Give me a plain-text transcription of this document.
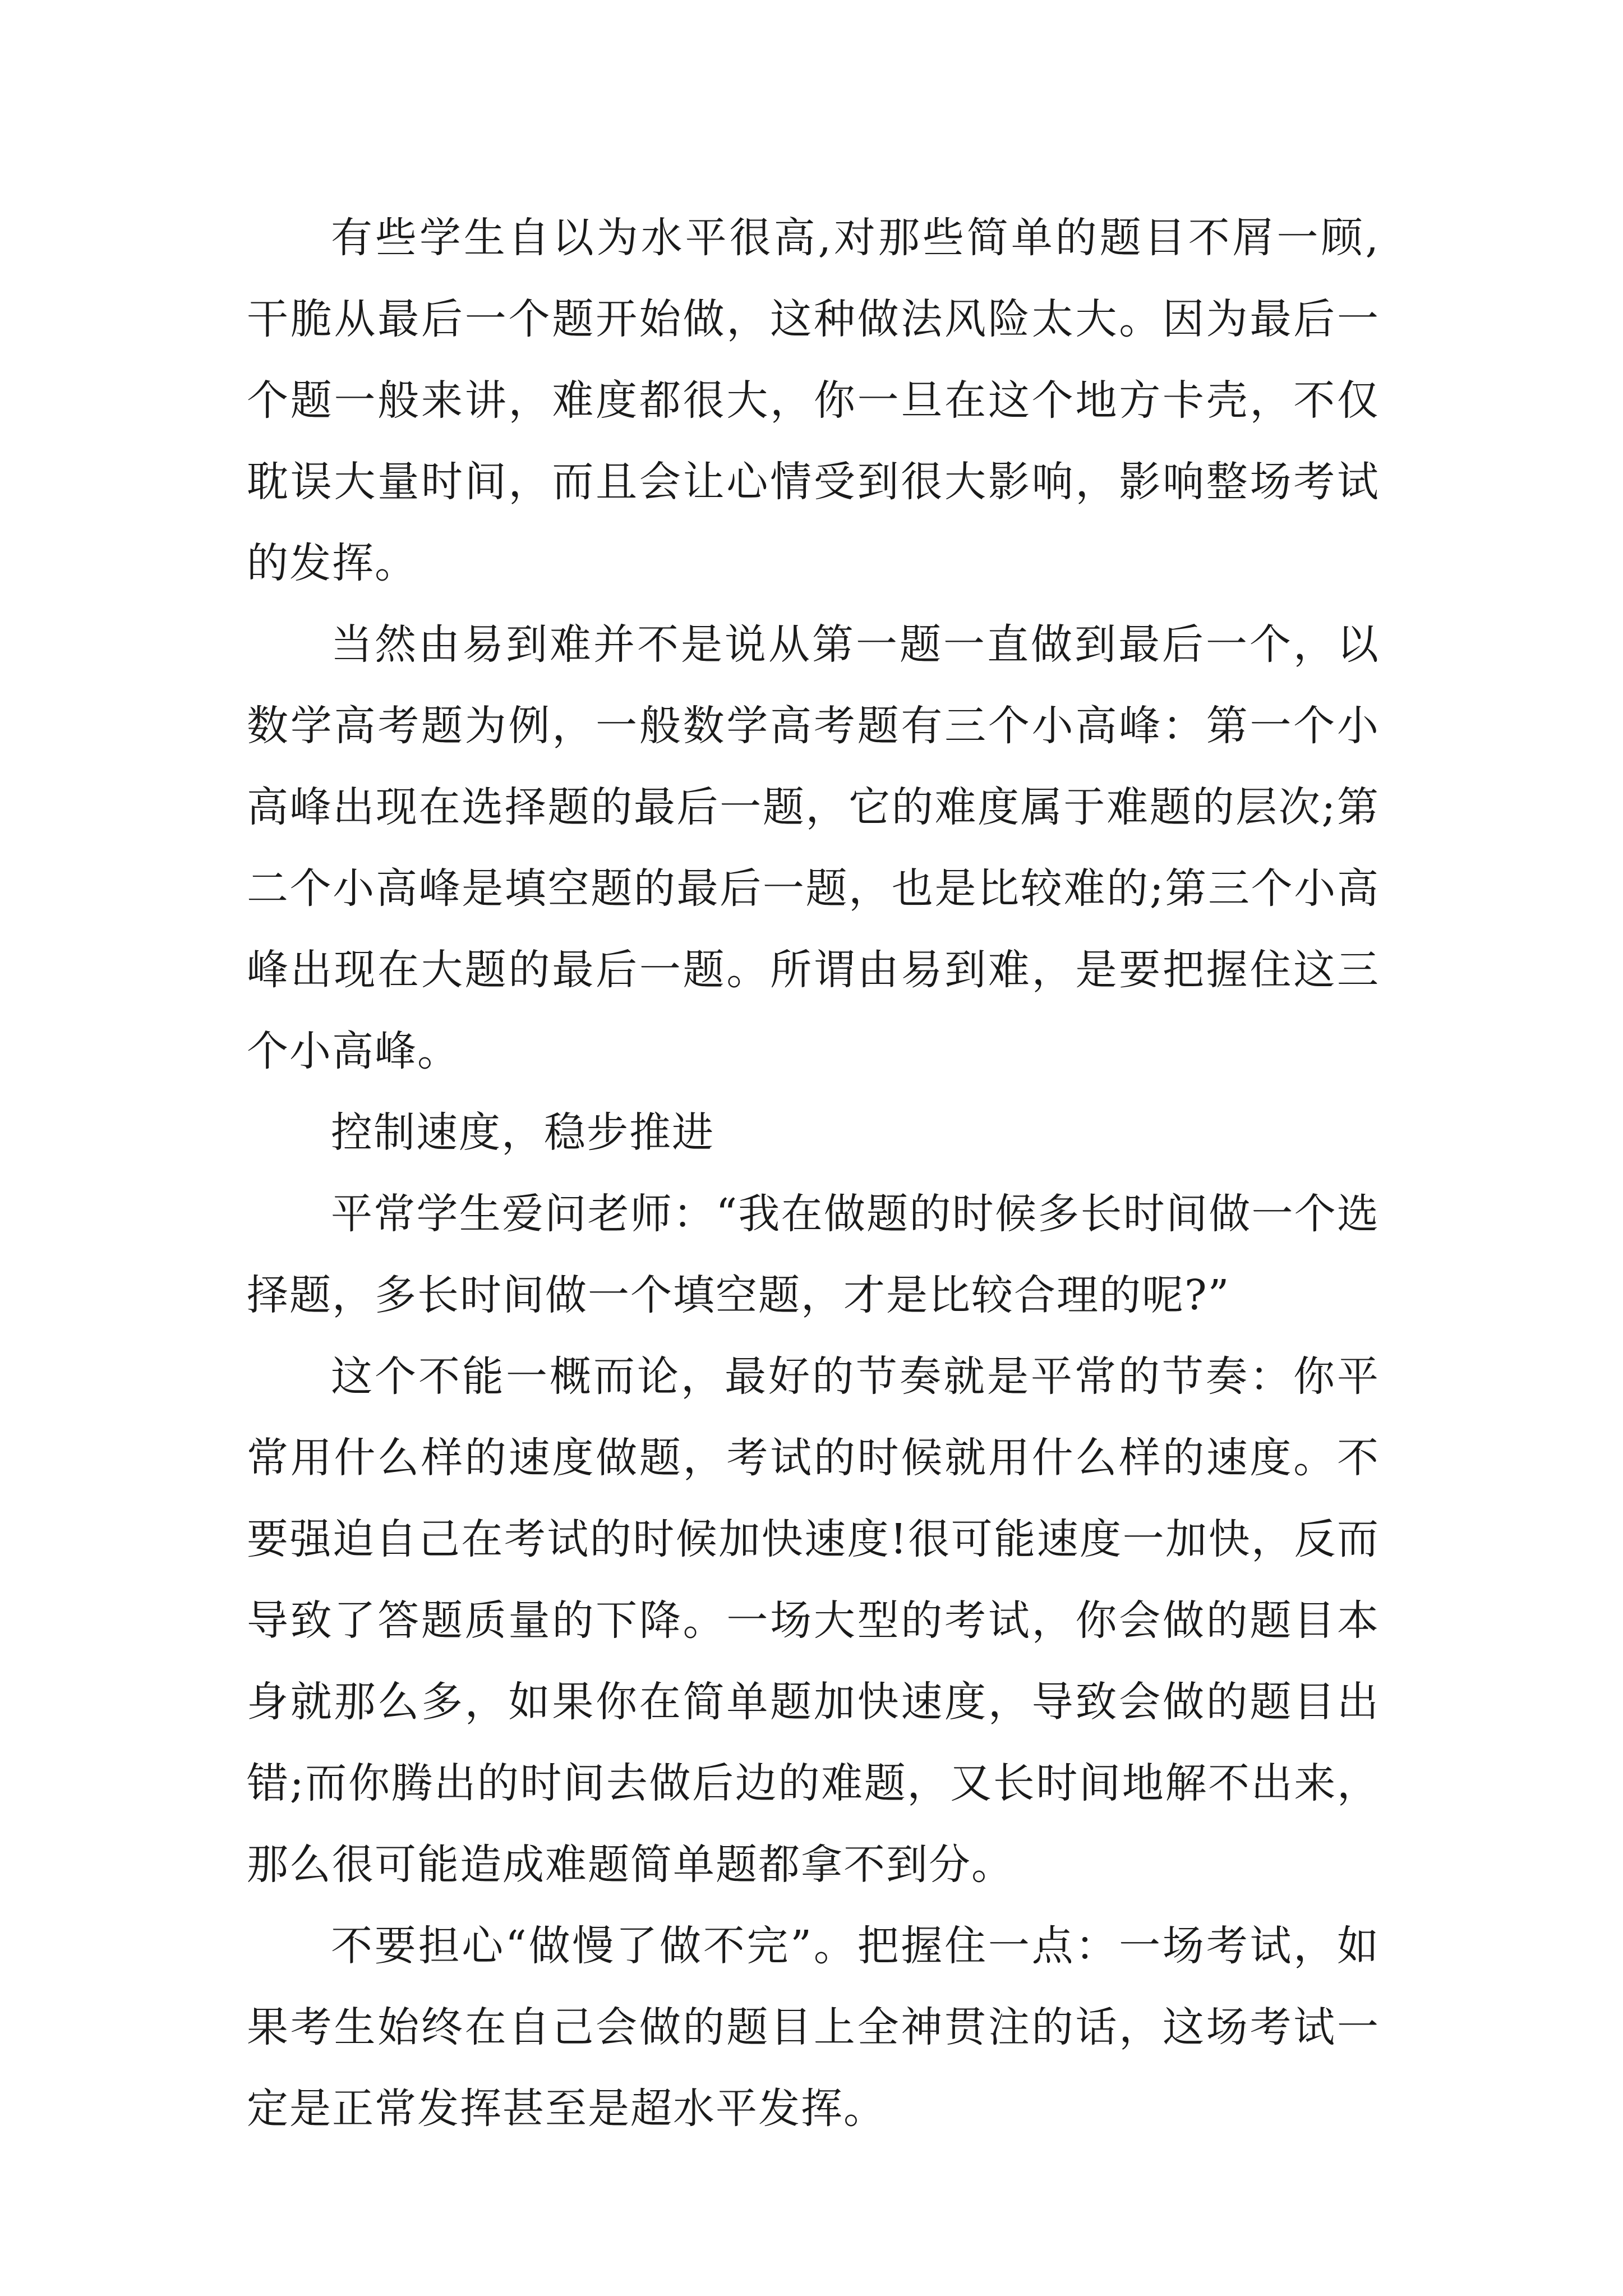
有些学生自以为水平很高,对那些简单的题目不屑一顾,干脆从最后一个题开始做，这种做法风险太大。因为最后一个题一般来讲，难度都很大，你一旦在这个地方卡壳，不仅耽误大量时间，而且会让心情受到很大影响，影响整场考试的发挥。

当然由易到难并不是说从第一题一直做到最后一个，以数学高考题为例，一般数学高考题有三个小高峰：第一个小高峰出现在选择题的最后一题，它的难度属于难题的层次;第二个小高峰是填空题的最后一题，也是比较难的;第三个小高峰出现在大题的最后一题。所谓由易到难，是要把握住这三个小高峰。

控制速度，稳步推进

平常学生爱问老师：“我在做题的时候多长时间做一个选择题，多长时间做一个填空题，才是比较合理的呢?”

这个不能一概而论，最好的节奏就是平常的节奏：你平常用什么样的速度做题，考试的时候就用什么样的速度。不要强迫自己在考试的时候加快速度!很可能速度一加快，反而导致了答题质量的下降。一场大型的考试，你会做的题目本身就那么多，如果你在简单题加快速度，导致会做的题目出错;而你腾出的时间去做后边的难题，又长时间地解不出来，那么很可能造成难题简单题都拿不到分。

不要担心“做慢了做不完”。把握住一点：一场考试，如果考生始终在自己会做的题目上全神贯注的话，这场考试一定是正常发挥甚至是超水平发挥。
